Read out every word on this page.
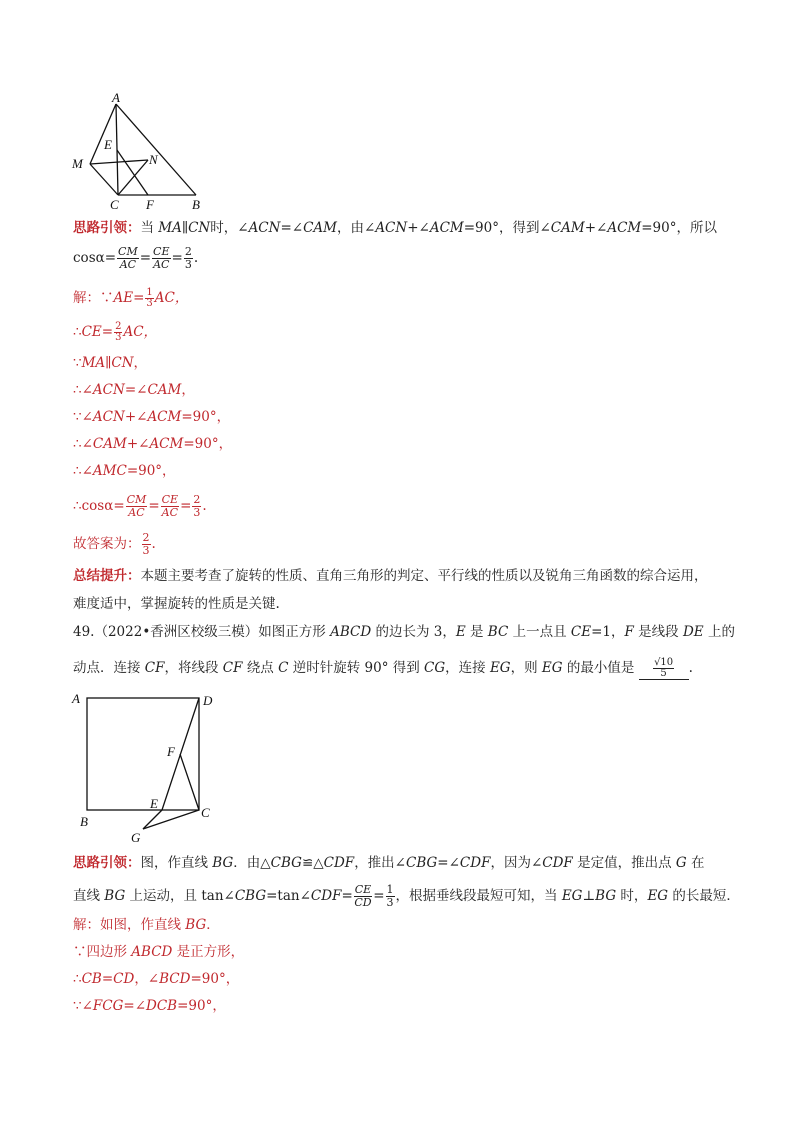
A
E
M	N
C F	B
思路引领：当 MA∥CN时，∠ACN=∠CAM，由∠ACN+∠ACM=90°，得到∠CAM+∠ACM=90°，所以
$\cos\alpha= \frac{CM}{AC} = \frac{CE}{AC} = \frac{2}{3}$ .
解：∵AE= $\frac{1}{3}$ AC，
∴CE= $\frac{2}{3}$ AC，
∵MA∥CN，
∴∠ACN=∠CAM，
∵∠ACN+∠ACM=90°，
∴∠CAM+∠ACM=90°，
∴∠AMC=90°，
∴cosα= $\frac{CM}{AC} = \frac{CE}{AC} = \frac{2}{3}$ .
故答案为： $\frac{2}{3}$ .
总结提升：本题主要考查了旋转的性质、直角三角形的判定、平行线的性质以及锐角三角函数的综合运用，
难度适中，掌握旋转的性质是关键.
49.（2022•香洲区校级三模）如图正方形 ABCD 的边长为 3，E 是 BC 上一点且 CE=1，F 是线段 DE 上的
动点．连接 CF，将线段 CF 绕点 C 逆时针旋转 90° 得到 CG，连接 EG，则 EG 的最小值是 $\frac{√10}{5}$ .
A	D
F
E
B
C
G
思路引领：图，作直线 BG．由△CBG≌△CDF，推出∠CBG=∠CDF，因为∠CDF 是定值，推出点 G 在
直线 BG 上运动，且 tan∠CBG=tan∠CDF= $\frac{CE}{CD} = \frac{1}{3}$ ，根据垂线段最短可知，当 EG⊥BG 时，EG 的长最短．
解：如图，作直线 BG．
∵四边形 ABCD 是正方形，
∴CB=CD，∠BCD=90°，
∵∠FCG=∠DCB=90°，
